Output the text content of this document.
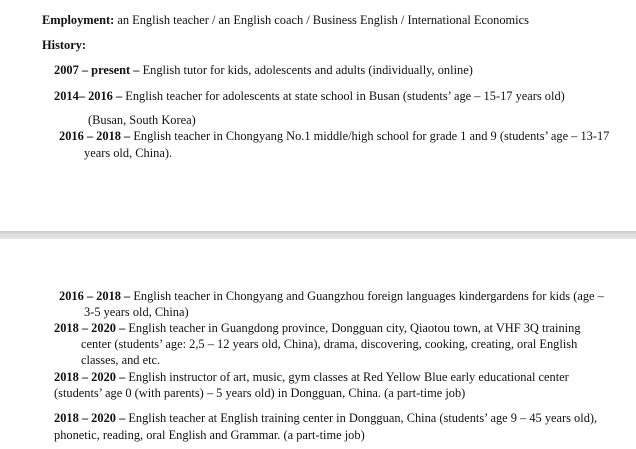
Employment: an English teacher / an English coach / Business English / International Economics
History:
2007 – present – English tutor for kids, adolescents and adults (individually, online)
2014– 2016 – English teacher for adolescents at state school in Busan (students’ age – 15-17 years old)
(Busan, South Korea)
2016 – 2018 – English teacher in Chongyang No.1 middle/high school for grade 1 and 9 (students’ age – 13-17
years old, China).
2016 – 2018 – English teacher in Chongyang and Guangzhou foreign languages kindergardens for kids (age –
3-5 years old, China)
2018 – 2020 – English teacher in Guangdong province, Dongguan city, Qiaotou town, at VHF 3Q training
center (students’ age: 2,5 – 12 years old, China), drama, discovering, cooking, creating, oral English
classes, and etc.
2018 – 2020 – English instructor of art, music, gym classes at Red Yellow Blue early educational center
(students’ age 0 (with parents) – 5 years old) in Dongguan, China. (a part-time job)
2018 – 2020 – English teacher at English training center in Dongguan, China (students’ age 9 – 45 years old),
phonetic, reading, oral English and Grammar. (a part-time job)
